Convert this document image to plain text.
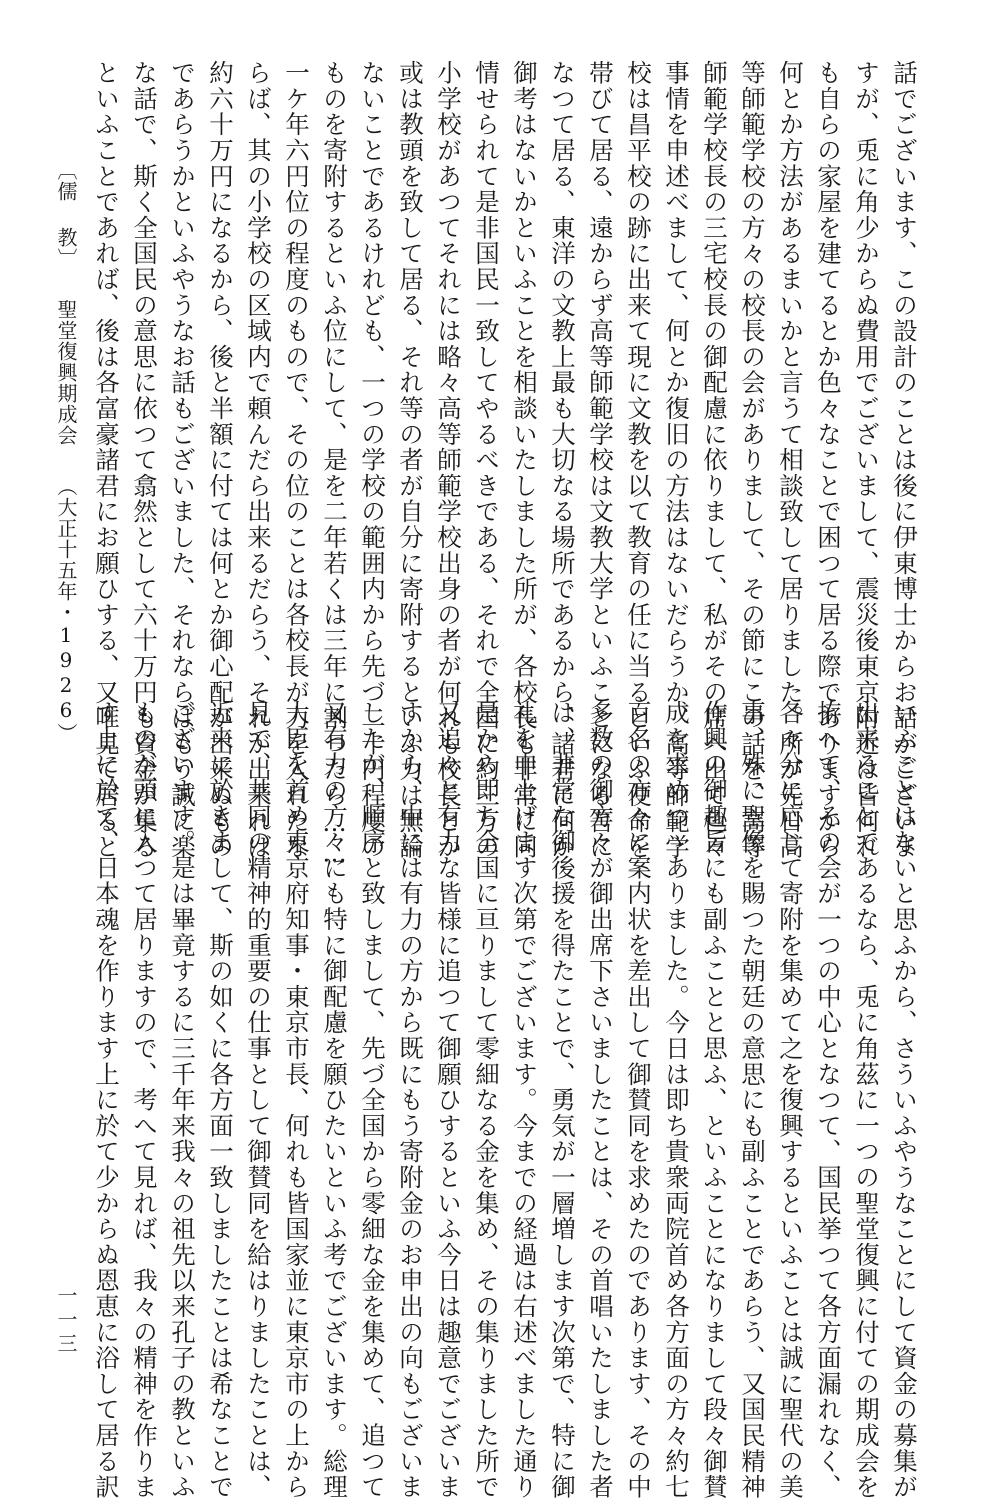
話でございます、この設計のことは後に伊東博士からお話がございま
すが、兎に角少からぬ費用でございまして、震災後東京附近は皆何れ
も自らの家屋を建てるとか色々なことで困つて居る際でありますから
何とか方法があるまいかと言うて相談致して居りました。所が先日高
等師範学校の方々の校長の会がありまして、その節にこの話を、高等
師範学校長の三宅校長の御配慮に依りまして、私がその席へ出て色々
事情を申述べまして、何とか復旧の方法はないだらうか、高等師範学
校は昌平校の跡に出来て現に文教を以て教育の任に当るといふ使命を
帯びて居る、遠からず高等師範学校は文教大学といふことになる筈に
なつて居る、東洋の文教上最も大切なる場所であるから、諸君に何か
御考はないかといふことを相談いたしました所が、各校長も非常に同
情せられて是非国民一致してやるべきである、それで全国に約三万の
小学校があつてそれには略々高等師範学校出身の者が何れも校長とか
或は教頭を致して居る、それ等の者が自分に寄附するといふ力は無論
ないことであるけれども、一つの学校の範囲内から先づ二十円程度の
ものを寄附するといふ位にして、是を二年若くは三年に割つたら……
一ケ年六円位の程度のもので、その位のことは各校長が力を入れたな
らば、其の小学校の区域内で頼んだら出来るだらう、それが出来れば
約六十万円になるから、後と半額に付ては何とか御心配が出来ぬもの
であらうかといふやうなお話もございました、それならばもう誠に楽
な話で、斯く全国民の意思に依つて翕然として六十万円も資金が集る
といふことであれば、後は各富豪諸君にお願ひする、又唯見て居ると
いふことはないと思ふから、さういふやうなことにして資金の募集が
出来ることであるなら、兎に角茲に一つの聖堂復興に付ての期成会を
拵へて、その会が一つの中心となつて、国民挙つて各方面漏れなく、
各々分に応じて寄附を集めて之を復興するといふことは誠に聖代の美
事、殊に聖像を賜つた朝廷の意思にも副ふことであらう、又国民精神
作興の御趣旨にも副ふことと思ふ、といふことになりまして段々御賛
成を求めつゝありました。今日は即ち貴衆両院首め各方面の方々約七
百名の方々に案内状を差出して御賛同を求めたのであります、その中
多数の御方々が御出席下さいましたことは、その首唱いたしました者
は、非常な御後援を得たことで、勇気が一層増します次第で、特に御
礼を申上げます次第でございます。今までの経過は右述べました通り
是から即ち全国に亘りまして零細なる金を集め、その集りました所で
又追々と有力な皆様に追つて御願ひするといふ今日は趣意でございま
すから、中には有力の方から既にもう寄附金のお申出の向もございま
したが、順序と致しまして、先づ全国から零細な金を集めて、追つて
又有力の方々にも特に御配慮を願ひたいといふ考でございます。総理
大臣を首め東京府知事・東京市長、何れも皆国家並に東京市の上から
見て、共同の精神的重要の仕事として御賛同を給はりましたことは、
近来に於きまして、斯の如くに各方面一致しましたことは希なことで
ございます。是は畢竟するに三千年来我々の祖先以来孔子の教といふ
ものが頭に入つて居りますので、考へて見れば、我々の精神を作りま
す上に於て、日本魂を作ります上に於て少からぬ恩恵に浴して居る訳
〔儒 教〕聖堂復興期成会（大正十五年・1926）
一一三
